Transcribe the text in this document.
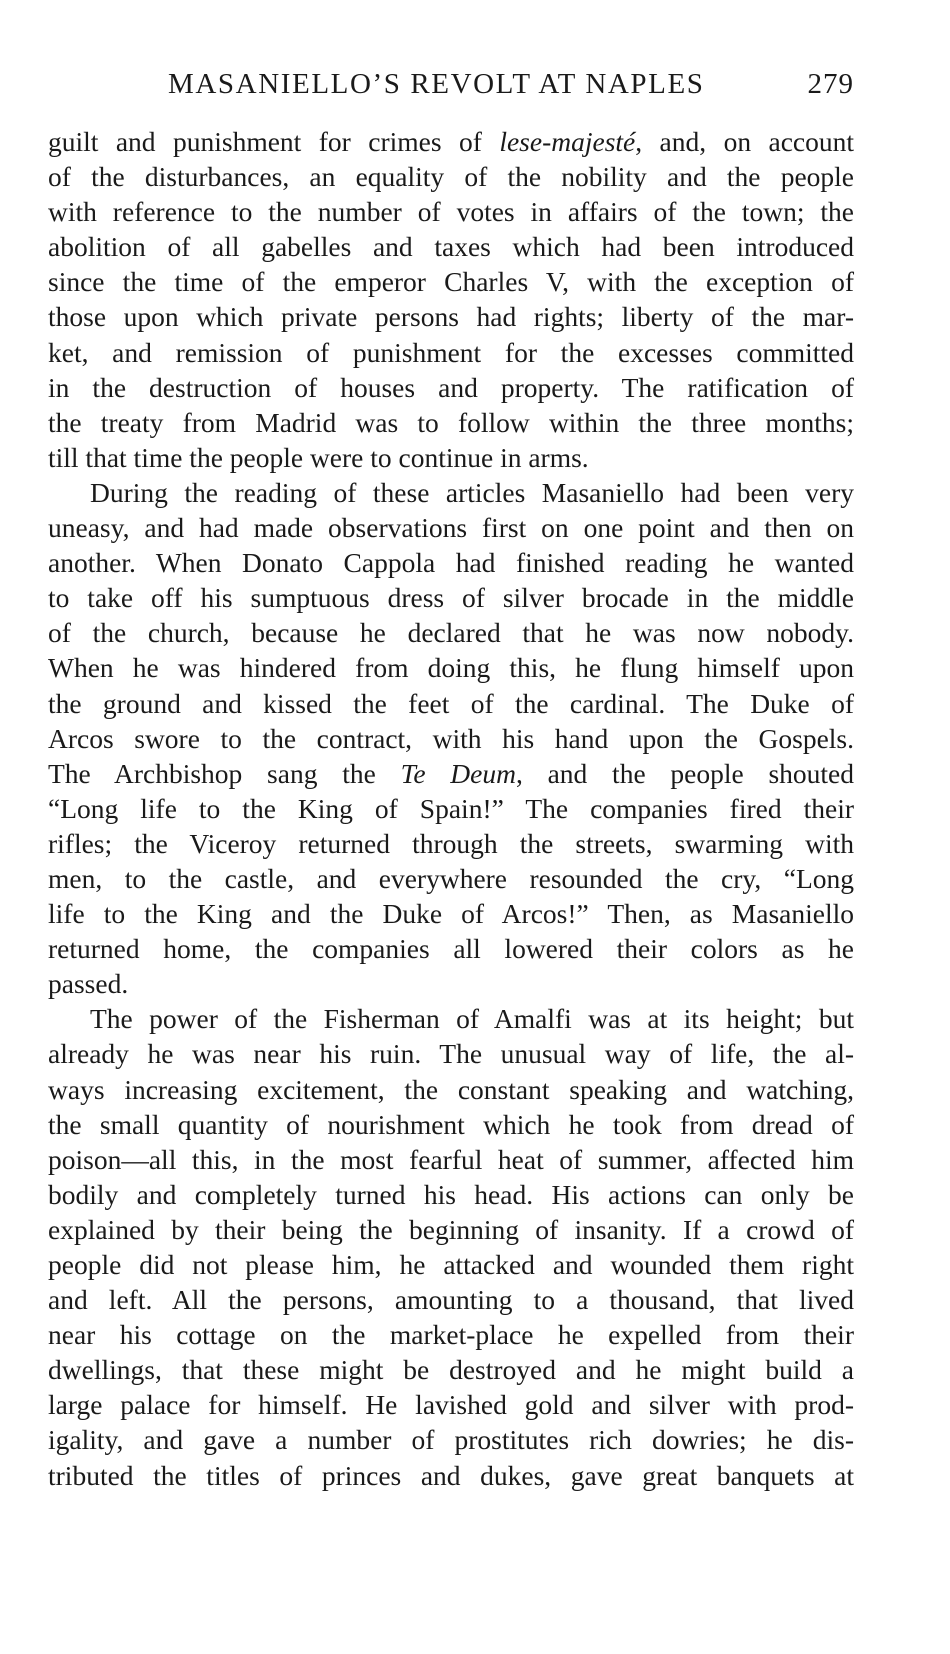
MASANIELLO’S REVOLT AT NAPLES	279

guilt and punishment for crimes of lese-majesté, and, on account
of the disturbances, an equality of the nobility and the people
with reference to the number of votes in affairs of the town; the
abolition of all gabelles and taxes which had been introduced
since the time of the emperor Charles V, with the exception of
those upon which private persons had rights; liberty of the mar-
ket, and remission of punishment for the excesses committed
in the destruction of houses and property. The ratification of
the treaty from Madrid was to follow within the three months;
till that time the people were to continue in arms.

During the reading of these articles Masaniello had been very
uneasy, and had made observations first on one point and then on
another. When Donato Cappola had finished reading he wanted
to take off his sumptuous dress of silver brocade in the middle
of the church, because he declared that he was now nobody.
When he was hindered from doing this, he flung himself upon
the ground and kissed the feet of the cardinal. The Duke of
Arcos swore to the contract, with his hand upon the Gospels.
The Archbishop sang the Te Deum, and the people shouted
“Long life to the King of Spain!” The companies fired their
rifles; the Viceroy returned through the streets, swarming with
men, to the castle, and everywhere resounded the cry, “Long
life to the King and the Duke of Arcos!” Then, as Masaniello
returned home, the companies all lowered their colors as he
passed.

The power of the Fisherman of Amalfi was at its height; but
already he was near his ruin. The unusual way of life, the al-
ways increasing excitement, the constant speaking and watching,
the small quantity of nourishment which he took from dread of
poison—all this, in the most fearful heat of summer, affected him
bodily and completely turned his head. His actions can only be
explained by their being the beginning of insanity. If a crowd of
people did not please him, he attacked and wounded them right
and left. All the persons, amounting to a thousand, that lived
near his cottage on the market-place he expelled from their
dwellings, that these might be destroyed and he might build a
large palace for himself. He lavished gold and silver with prod-
igality, and gave a number of prostitutes rich dowries; he dis-
tributed the titles of princes and dukes, gave great banquets at
